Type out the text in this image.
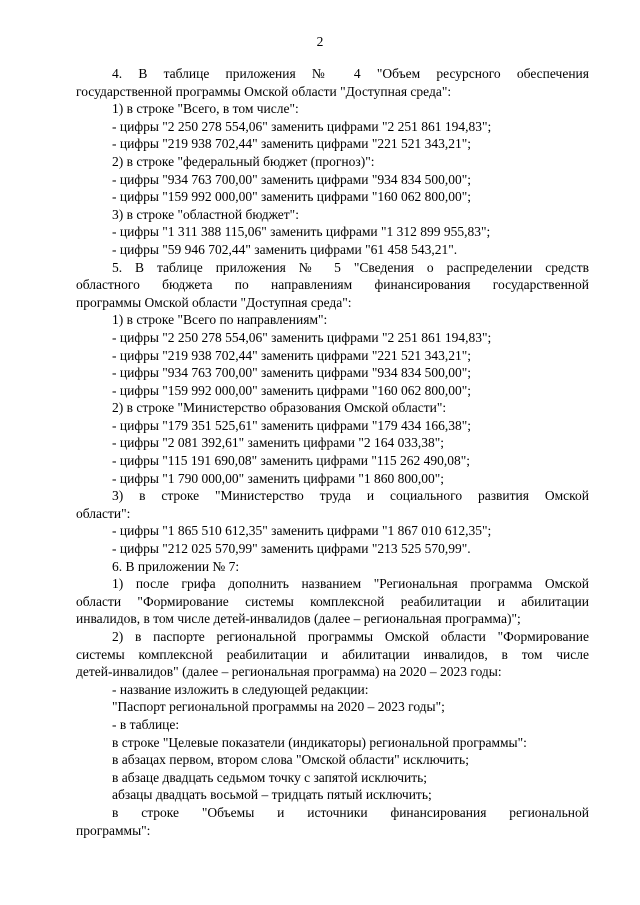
2
4. В таблице приложения № 4 "Объем ресурсного обеспечения
государственной программы Омской области "Доступная среда":
1) в строке "Всего, в том числе":
- цифры "2 250 278 554,06" заменить цифрами "2 251 861 194,83";
- цифры "219 938 702,44" заменить цифрами "221 521 343,21";
2) в строке "федеральный бюджет (прогноз)":
- цифры "934 763 700,00" заменить цифрами "934 834 500,00";
- цифры "159 992 000,00" заменить цифрами "160 062 800,00";
3) в строке "областной бюджет":
- цифры "1 311 388 115,06" заменить цифрами "1 312 899 955,83";
- цифры "59 946 702,44" заменить цифрами "61 458 543,21".
5. В таблице приложения № 5 "Сведения о распределении средств
областного бюджета по направлениям финансирования государственной
программы Омской области "Доступная среда":
1) в строке "Всего по направлениям":
- цифры "2 250 278 554,06" заменить цифрами "2 251 861 194,83";
- цифры "219 938 702,44" заменить цифрами "221 521 343,21";
- цифры "934 763 700,00" заменить цифрами "934 834 500,00";
- цифры "159 992 000,00" заменить цифрами "160 062 800,00";
2) в строке "Министерство образования Омской области":
- цифры "179 351 525,61" заменить цифрами "179 434 166,38";
- цифры "2 081 392,61" заменить цифрами "2 164 033,38";
- цифры "115 191 690,08" заменить цифрами "115 262 490,08";
- цифры "1 790 000,00" заменить цифрами "1 860 800,00";
3) в строке "Министерство труда и социального развития Омской
области":
- цифры "1 865 510 612,35" заменить цифрами "1 867 010 612,35";
- цифры "212 025 570,99" заменить цифрами "213 525 570,99".
6. В приложении № 7:
1) после грифа дополнить названием "Региональная программа Омской
области "Формирование системы комплексной реабилитации и абилитации
инвалидов, в том числе детей-инвалидов (далее – региональная программа)";
2) в паспорте региональной программы Омской области "Формирование
системы комплексной реабилитации и абилитации инвалидов, в том числе
детей-инвалидов" (далее – региональная программа) на 2020 – 2023 годы:
- название изложить в следующей редакции:
"Паспорт региональной программы на 2020 – 2023 годы";
- в таблице:
в строке "Целевые показатели (индикаторы) региональной программы":
в абзацах первом, втором слова "Омской области" исключить;
в абзаце двадцать седьмом точку с запятой исключить;
абзацы двадцать восьмой – тридцать пятый исключить;
в строке "Объемы и источники финансирования региональной
программы":
